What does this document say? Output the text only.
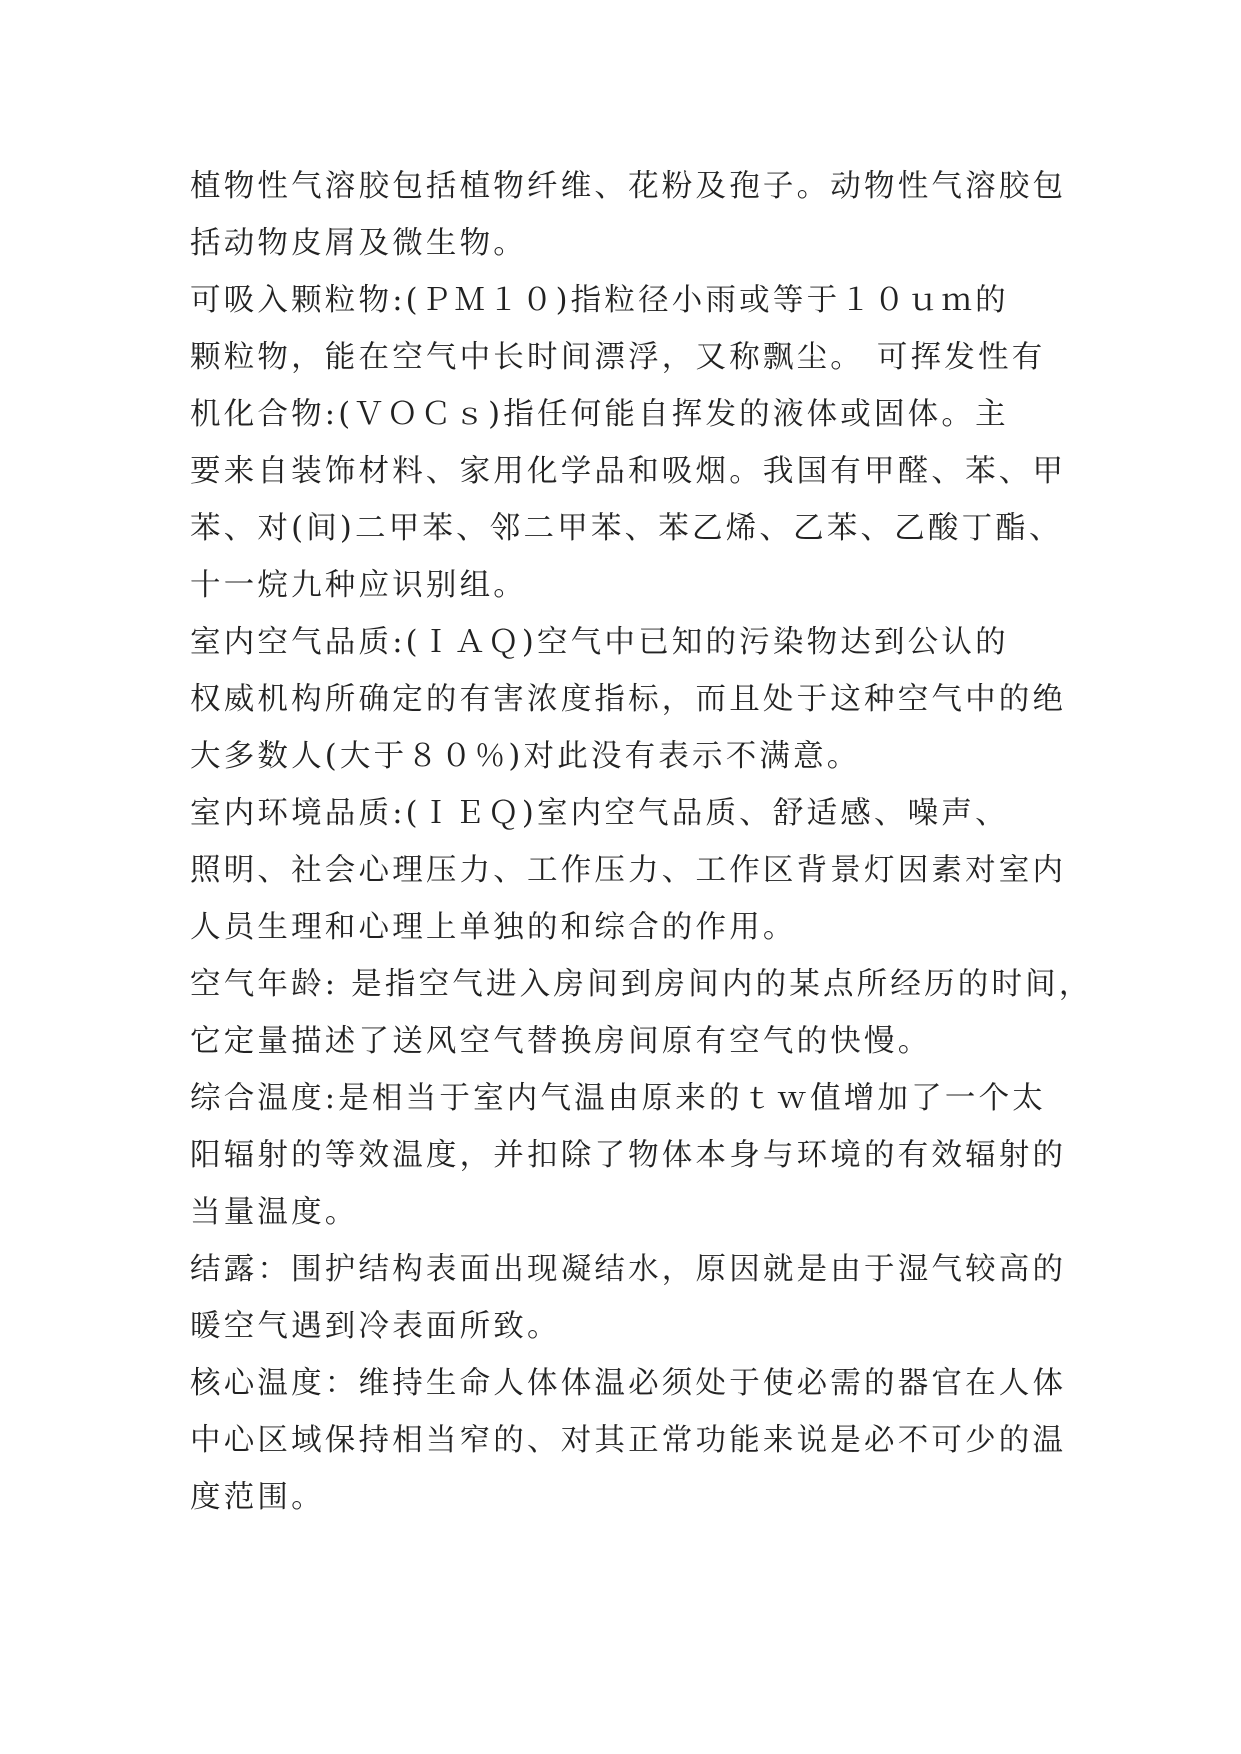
植物性气溶胶包括植物纤维、花粉及孢子。动物性气溶胶包
括动物皮屑及微生物。
可吸入颗粒物:(ＰＭ１０)指粒径小雨或等于１０ｕｍ的
颗粒物，能在空气中长时间漂浮，又称飘尘。 可挥发性有
机化合物:(ＶＯＣｓ)指任何能自挥发的液体或固体。主
要来自装饰材料、家用化学品和吸烟。我国有甲醛、苯、甲
苯、对(间)二甲苯、邻二甲苯、苯乙烯、乙苯、乙酸丁酯、
十一烷九种应识别组。
室内空气品质:(ＩＡＱ)空气中已知的污染物达到公认的
权威机构所确定的有害浓度指标，而且处于这种空气中的绝
大多数人(大于８０％)对此没有表示不满意。
室内环境品质:(ＩＥＱ)室内空气品质、舒适感、噪声、
照明、社会心理压力、工作压力、工作区背景灯因素对室内
人员生理和心理上单独的和综合的作用。
空气年龄: 是指空气进入房间到房间内的某点所经历的时间，
它定量描述了送风空气替换房间原有空气的快慢。
综合温度:是相当于室内气温由原来的ｔｗ值增加了一个太
阳辐射的等效温度，并扣除了物体本身与环境的有效辐射的
当量温度。
结露：围护结构表面出现凝结水，原因就是由于湿气较高的
暖空气遇到冷表面所致。
核心温度：维持生命人体体温必须处于使必需的器官在人体
中心区域保持相当窄的、对其正常功能来说是必不可少的温
度范围。
